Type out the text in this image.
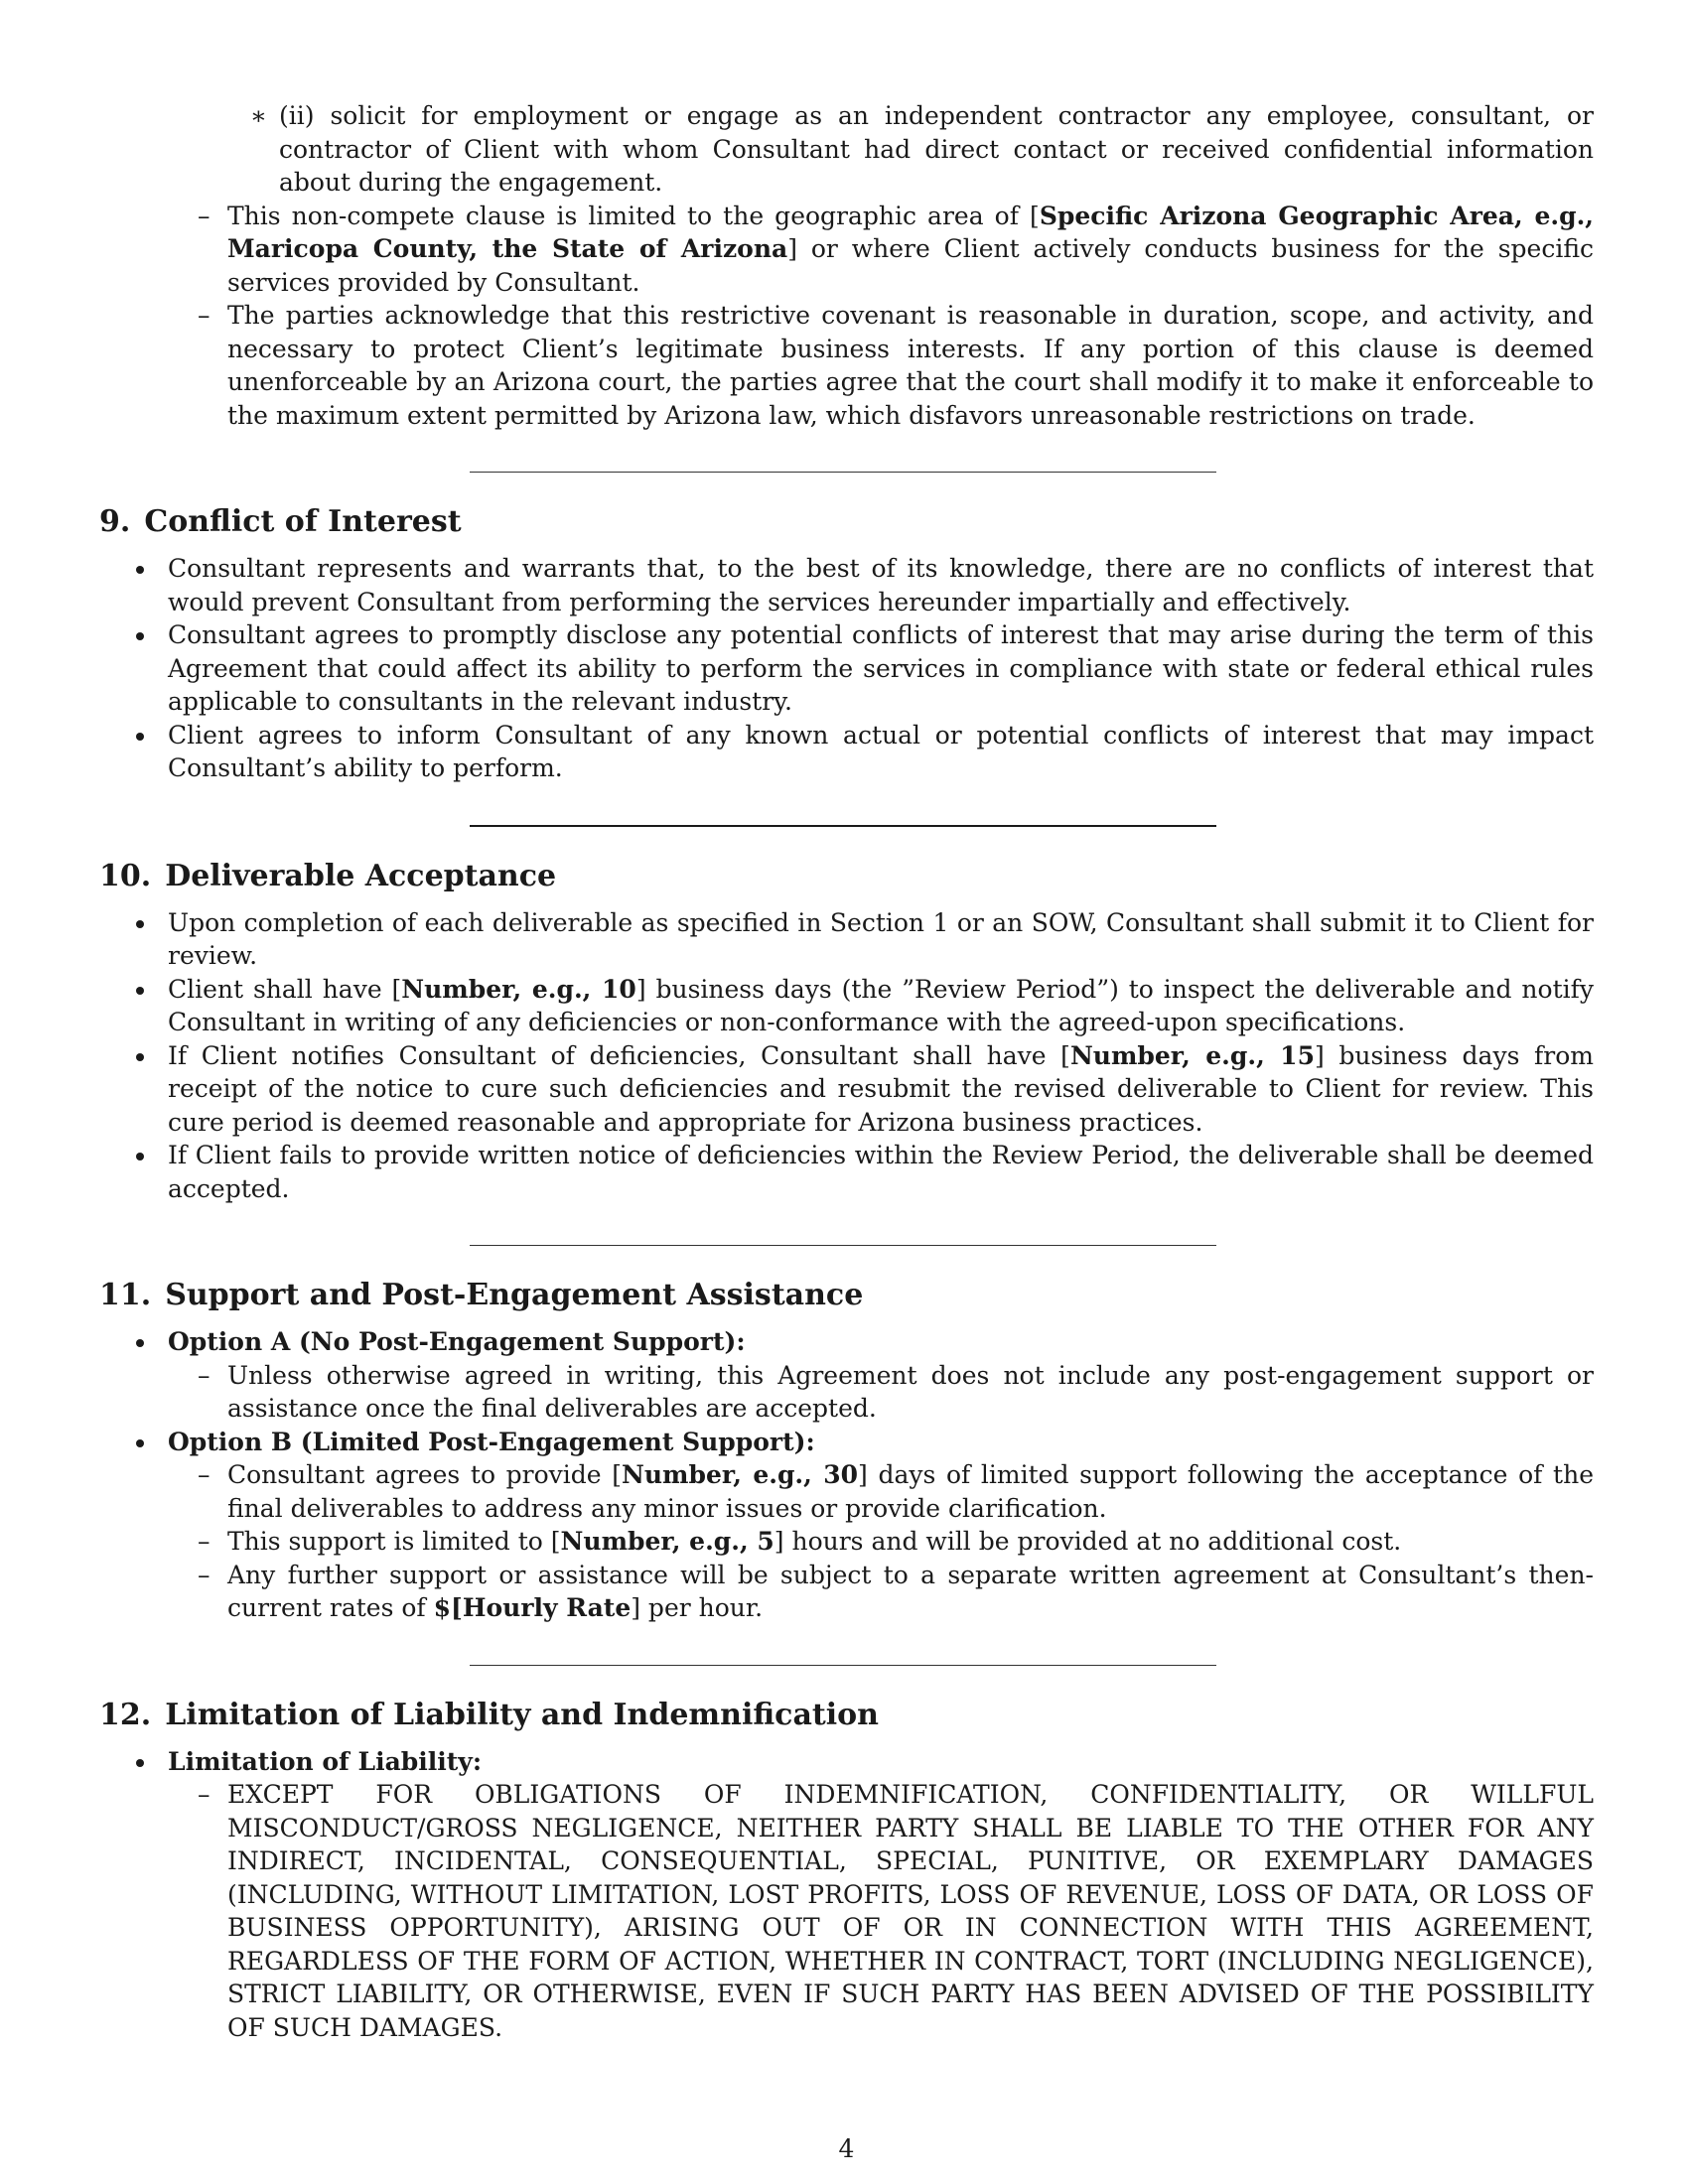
∗ (ii) solicit for employment or engage as an independent contractor any employee, consultant, or contractor of Client with whom Consultant had direct contact or received confidential information about during the engagement.
– This non-compete clause is limited to the geographic area of [Specific Arizona Geographic Area, e.g., Maricopa County, the State of Arizona] or where Client actively conducts business for the specific services provided by Consultant.
– The parties acknowledge that this restrictive covenant is reasonable in duration, scope, and activity, and necessary to protect Client’s legitimate business interests. If any portion of this clause is deemed unenforceable by an Arizona court, the parties agree that the court shall modify it to make it enforceable to the maximum extent permitted by Arizona law, which disfavors unreasonable restrictions on trade.
9. Conflict of Interest
Consultant represents and warrants that, to the best of its knowledge, there are no conflicts of interest that would prevent Consultant from performing the services hereunder impartially and effectively.
Consultant agrees to promptly disclose any potential conflicts of interest that may arise during the term of this Agreement that could affect its ability to perform the services in compliance with state or federal ethical rules applicable to consultants in the relevant industry.
Client agrees to inform Consultant of any known actual or potential conflicts of interest that may impact Consultant’s ability to perform.
10. Deliverable Acceptance
Upon completion of each deliverable as specified in Section 1 or an SOW, Consultant shall submit it to Client for review.
Client shall have [Number, e.g., 10] business days (the ”Review Period”) to inspect the deliverable and notify Consultant in writing of any deficiencies or non-conformance with the agreed-upon specifications.
If Client notifies Consultant of deficiencies, Consultant shall have [Number, e.g., 15] business days from receipt of the notice to cure such deficiencies and resubmit the revised deliverable to Client for review. This cure period is deemed reasonable and appropriate for Arizona business practices.
If Client fails to provide written notice of deficiencies within the Review Period, the deliverable shall be deemed accepted.
11. Support and Post-Engagement Assistance
Option A (No Post-Engagement Support):
– Unless otherwise agreed in writing, this Agreement does not include any post-engagement support or assistance once the final deliverables are accepted.
Option B (Limited Post-Engagement Support):
– Consultant agrees to provide [Number, e.g., 30] days of limited support following the acceptance of the final deliverables to address any minor issues or provide clarification.
– This support is limited to [Number, e.g., 5] hours and will be provided at no additional cost.
– Any further support or assistance will be subject to a separate written agreement at Consultant’s then-current rates of $[Hourly Rate] per hour.
12. Limitation of Liability and Indemnification
Limitation of Liability:
– EXCEPT FOR OBLIGATIONS OF INDEMNIFICATION, CONFIDENTIALITY, OR WILLFUL MISCONDUCT/GROSS NEGLIGENCE, NEITHER PARTY SHALL BE LIABLE TO THE OTHER FOR ANY INDIRECT, INCIDENTAL, CONSEQUENTIAL, SPECIAL, PUNITIVE, OR EXEMPLARY DAMAGES (INCLUDING, WITHOUT LIMITATION, LOST PROFITS, LOSS OF REVENUE, LOSS OF DATA, OR LOSS OF BUSINESS OPPORTUNITY), ARISING OUT OF OR IN CONNECTION WITH THIS AGREEMENT, REGARDLESS OF THE FORM OF ACTION, WHETHER IN CONTRACT, TORT (INCLUDING NEGLIGENCE), STRICT LIABILITY, OR OTHERWISE, EVEN IF SUCH PARTY HAS BEEN ADVISED OF THE POSSIBILITY OF SUCH DAMAGES.
4
